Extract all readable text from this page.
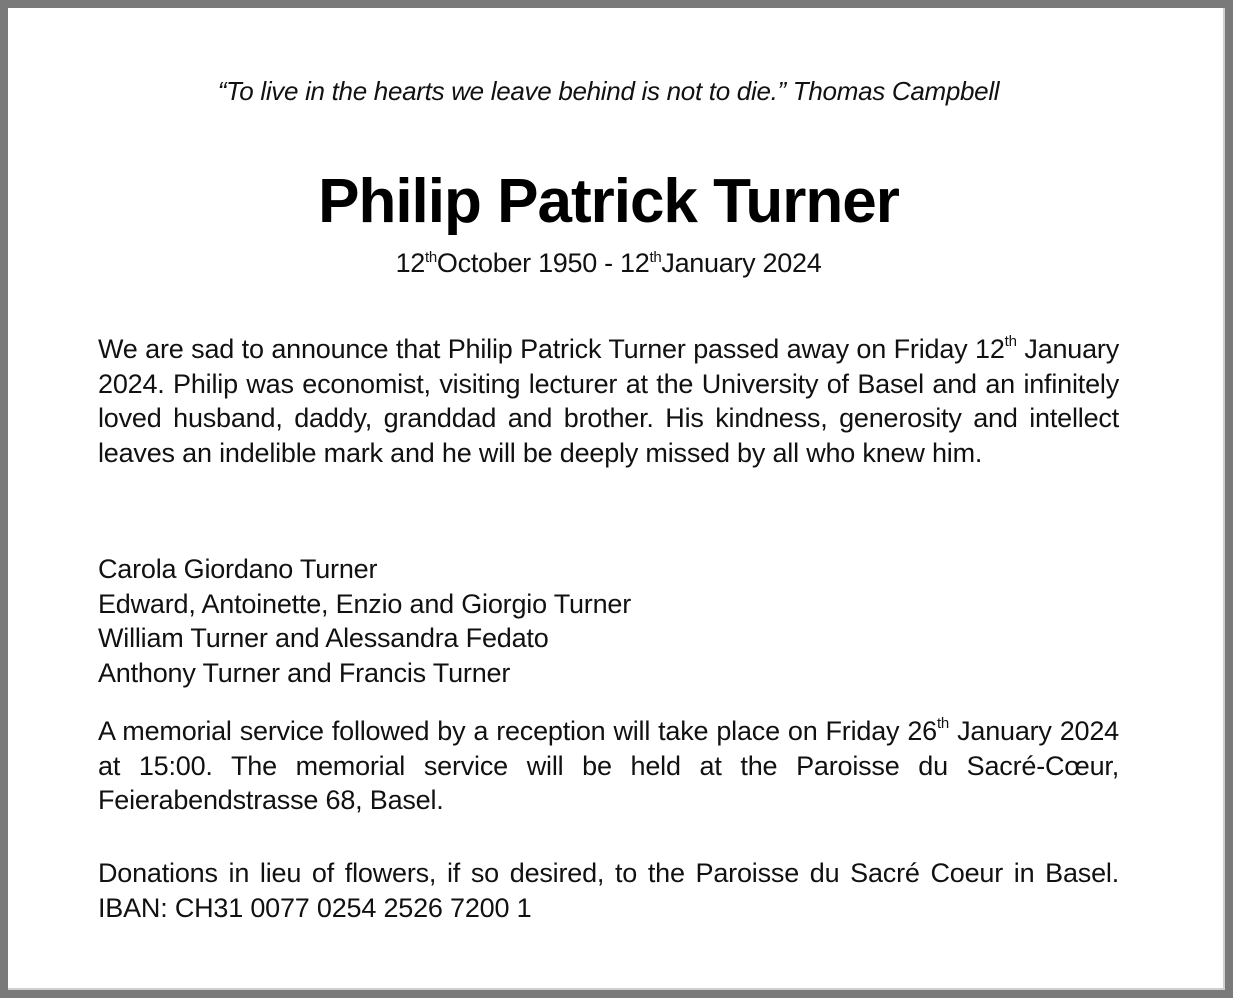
“To live in the hearts we leave behind is not to die.” Thomas Campbell
Philip Patrick Turner
12thOctober 1950 - 12thJanuary 2024
We are sad to announce that Philip Patrick Turner passed away on Friday 12th January 2024. Philip was economist, visiting lecturer at the University of Basel and an infinitely loved husband, daddy, granddad and brother. His kindness, generosity and intellect leaves an indelible mark and he will be deeply missed by all who knew him.
Carola Giordano Turner
Edward, Antoinette, Enzio and Giorgio Turner
William Turner and Alessandra Fedato
Anthony Turner and Francis Turner
A memorial service followed by a reception will take place on Friday 26th January 2024 at 15:00. The memorial service will be held at the Paroisse du Sacré-Cœur, Feierabendstrasse 68, Basel.
Donations in lieu of flowers, if so desired, to the Paroisse du Sacré Coeur in Basel. IBAN: CH31 0077 0254 2526 7200 1
